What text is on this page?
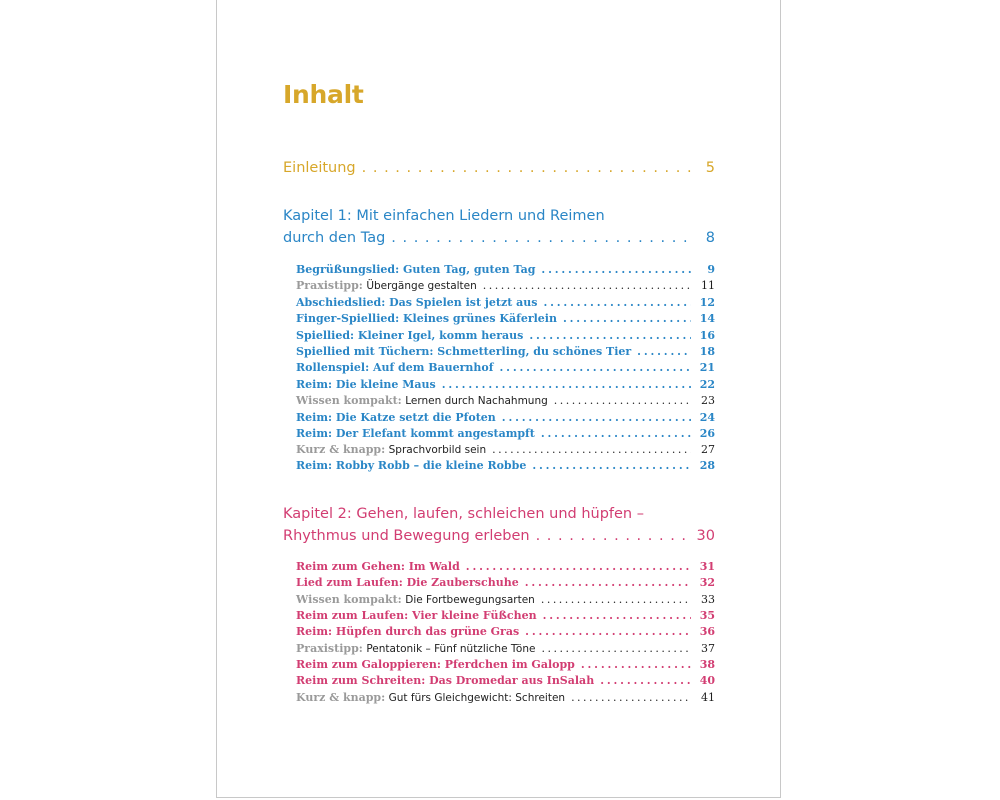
Inhalt
Einleitung . . .	5
Kapitel 1: Mit einfachen Liedern und Reimen
durch den Tag . . .	8
Begrüßungslied: Guten Tag, guten Tag . . .	9
Praxistipp: Übergänge gestalten . . .	11
Abschiedslied: Das Spielen ist jetzt aus . . .	12
Finger-Spiellied: Kleines grünes Käferlein . . .	14
Spiellied: Kleiner Igel, komm heraus . . .	16
Spiellied mit Tüchern: Schmetterling, du schönes Tier . . .	18
Rollenspiel: Auf dem Bauernhof . . .	21
Reim: Die kleine Maus . . .	22
Wissen kompakt: Lernen durch Nachahmung . . .	23
Reim: Die Katze setzt die Pfoten . . .	24
Reim: Der Elefant kommt angestampft . . .	26
Kurz & knapp: Sprachvorbild sein . . .	27
Reim: Robby Robb – die kleine Robbe . . .	28
Kapitel 2: Gehen, laufen, schleichen und hüpfen –
Rhythmus und Bewegung erleben . . .	30
Reim zum Gehen: Im Wald . . .	31
Lied zum Laufen: Die Zauberschuhe . . .	32
Wissen kompakt: Die Fortbewegungsarten . . .	33
Reim zum Laufen: Vier kleine Füßchen . . .	35
Reim: Hüpfen durch das grüne Gras . . .	36
Praxistipp: Pentatonik – Fünf nützliche Töne . . .	37
Reim zum Galoppieren: Pferdchen im Galopp . . .	38
Reim zum Schreiten: Das Dromedar aus InSalah . . .	40
Kurz & knapp: Gut fürs Gleichgewicht: Schreiten . . .	41
